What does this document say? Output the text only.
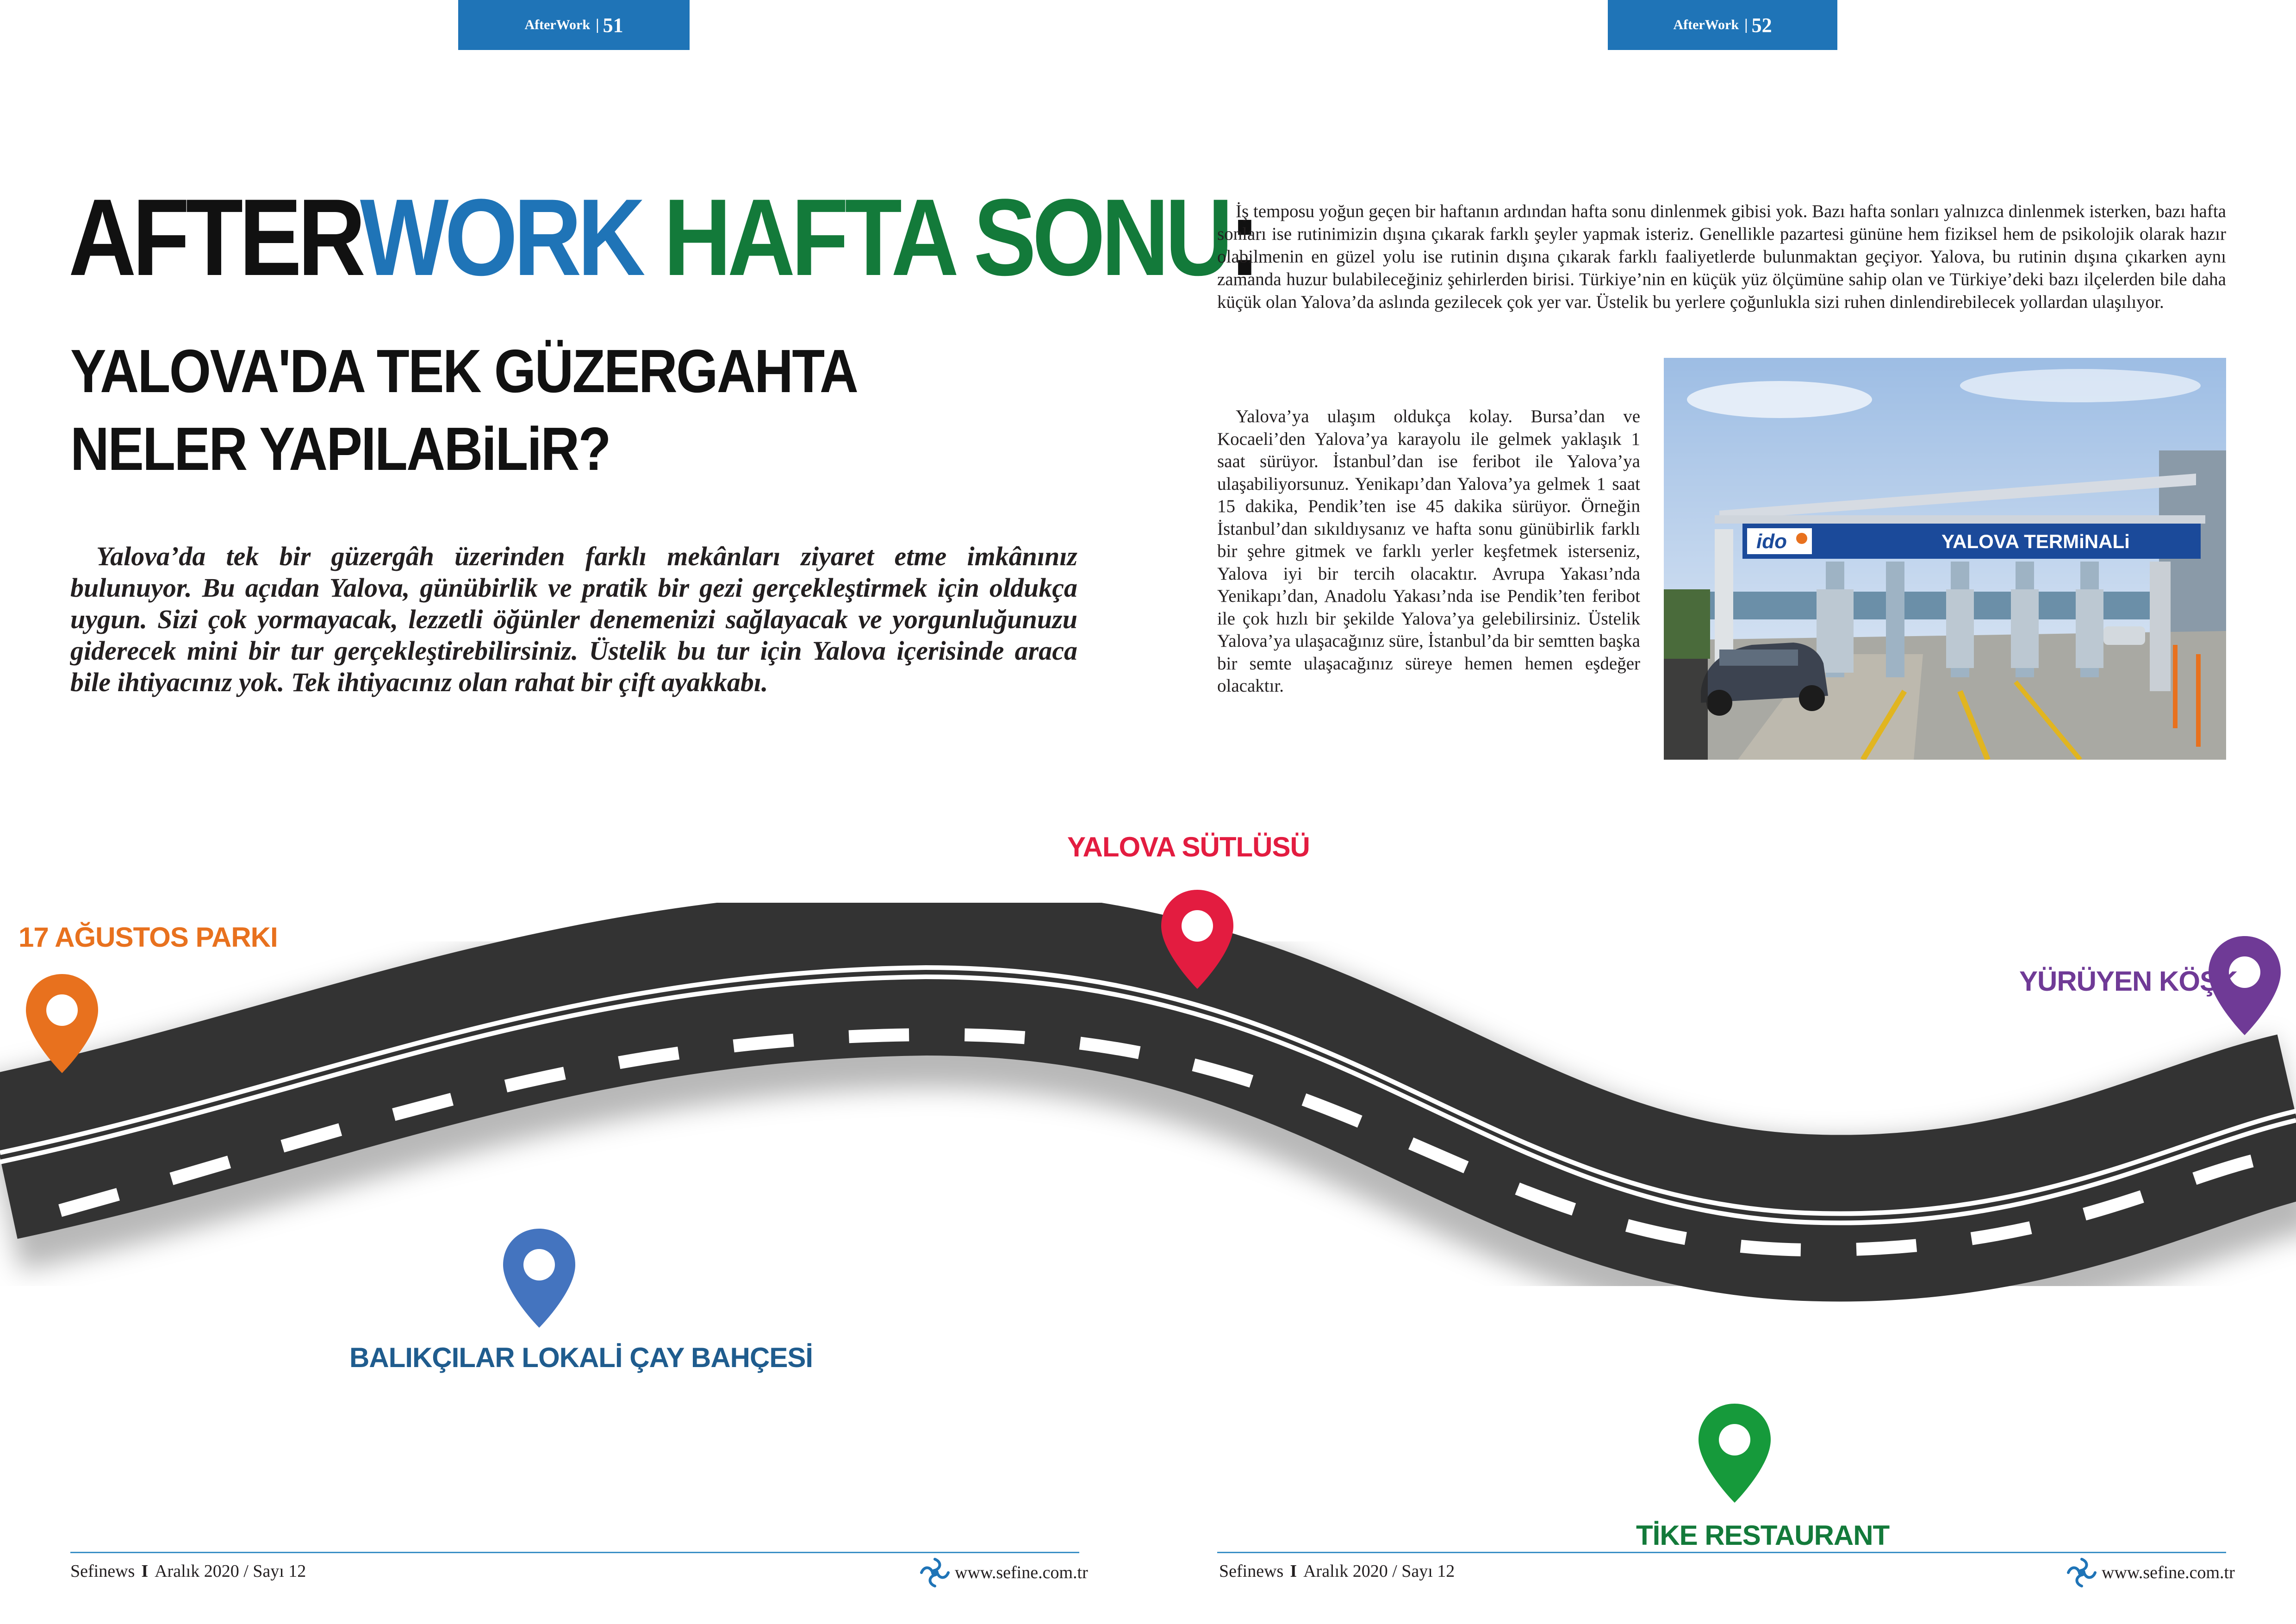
AfterWork | 51	AfterWork | 52
AFTERWORK HAFTA SONU:
YALOVA'DA TEK GÜZERGAHTA
NELER YAPILABiLiR?

Yalova’da tek bir güzergâh üzerinden farklı mekânları ziyaret etme imkânınız bulunuyor. Bu açıdan Yalova, günübirlik ve pratik bir gezi gerçekleştirmek için oldukça uygun. Sizi çok yormayacak, lezzetli öğünler denemenizi sağlayacak ve yorgunluğunuzu giderecek mini bir tur gerçekleştirebilirsiniz. Üstelik bu tur için Yalova içerisinde araca bile ihtiyacınız yok. Tek ihtiyacınız olan rahat bir çift ayakkabı.

İş temposu yoğun geçen bir haftanın ardından hafta sonu dinlenmek gibisi yok. Bazı hafta sonları yalnızca dinlenmek isterken, bazı hafta sonları ise rutinimizin dışına çıkarak farklı şeyler yapmak isteriz. Genellikle pazartesi gününe hem fiziksel hem de psikolojik olarak hazır olabilmenin en güzel yolu ise rutinin dışına çıkarak farklı faaliyetlerde bulunmaktan geçiyor. Yalova, bu rutinin dışına çıkarken aynı zamanda huzur bulabileceğiniz şehirlerden birisi. Türkiye’nin en küçük yüz ölçümüne sahip olan ve Türkiye’deki bazı ilçelerden bile daha küçük olan Yalova’da aslında gezilecek çok yer var. Üstelik bu yerlere çoğunlukla sizi ruhen dinlendirebilecek yollardan ulaşılıyor.

Yalova’ya ulaşım oldukça kolay. Bursa’dan ve Kocaeli’den Yalova’ya karayolu ile gelmek yaklaşık 1 saat sürüyor. İstanbul’dan ise feribot ile Yalova’ya ulaşabiliyorsunuz. Yenikapı’dan Yalova’ya gelmek 1 saat 15 dakika, Pendik’ten ise 45 dakika sürüyor. Örneğin İstanbul’dan sıkıldıysanız ve hafta sonu günübirlik farklı bir şehre gitmek ve farklı yerler keşfetmek isterseniz, Yalova iyi bir tercih olacaktır. Avrupa Yakası’nda Yenikapı’dan, Anadolu Yakası’nda ise Pendik’ten feribot ile çok hızlı bir şekilde Yalova’ya gelebilirsiniz. Üstelik Yalova’ya ulaşacağınız süre, İstanbul’da bir semtten başka bir semte ulaşacağınız süreye hemen hemen eşdeğer olacaktır.

ido	YALOVA TERMiNALi
17 AĞUSTOS PARKI
BALIKÇILAR LOKALİ ÇAY BAHÇESİ
YALOVA SÜTLÜSÜ
TİKE RESTAURANT
YÜRÜYEN KÖŞK
Sefinews I Aralık 2020 / Sayı 12	www.sefine.com.tr	Sefinews I Aralık 2020 / Sayı 12	www.sefine.com.tr
